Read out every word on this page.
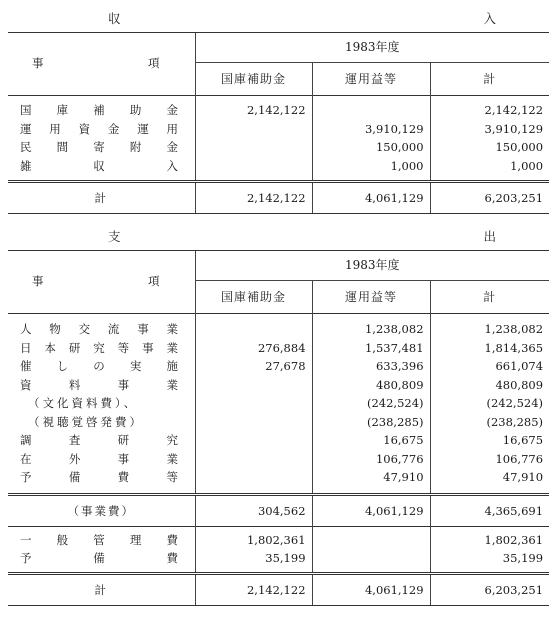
収		入	

事 項	1983年度		
	国庫補助金	運用益等	計

国庫補助金	2,142,122		2,142,122

運用資金運用		3,910,129	3,910,129

民間寄附金		150,000	150,000

雑収入		1,000	1,000
計	2,142,122	4,061,129	6,203,251
支		出	

事 項	1983年度		
	国庫補助金	運用益等	計

人物交流事業		1,238,082	1,238,082

日本研究等事業	276,884	1,537,481	1,814,365

催しの実施	27,678	633,396	661,074

資料事業		480,809	480,809

（文化資料費）、		(242,524)	(242,524)

（視聴覚啓発費）		(238,285)	(238,285)

調査研究		16,675	16,675

在外事業		106,776	106,776

予備費等		47,910	47,910
（事業費）	304,562	4,061,129	4,365,691

一般管理費	1,802,361		1,802,361

予備費	35,199		35,199
計	2,142,122	4,061,129	6,203,251
